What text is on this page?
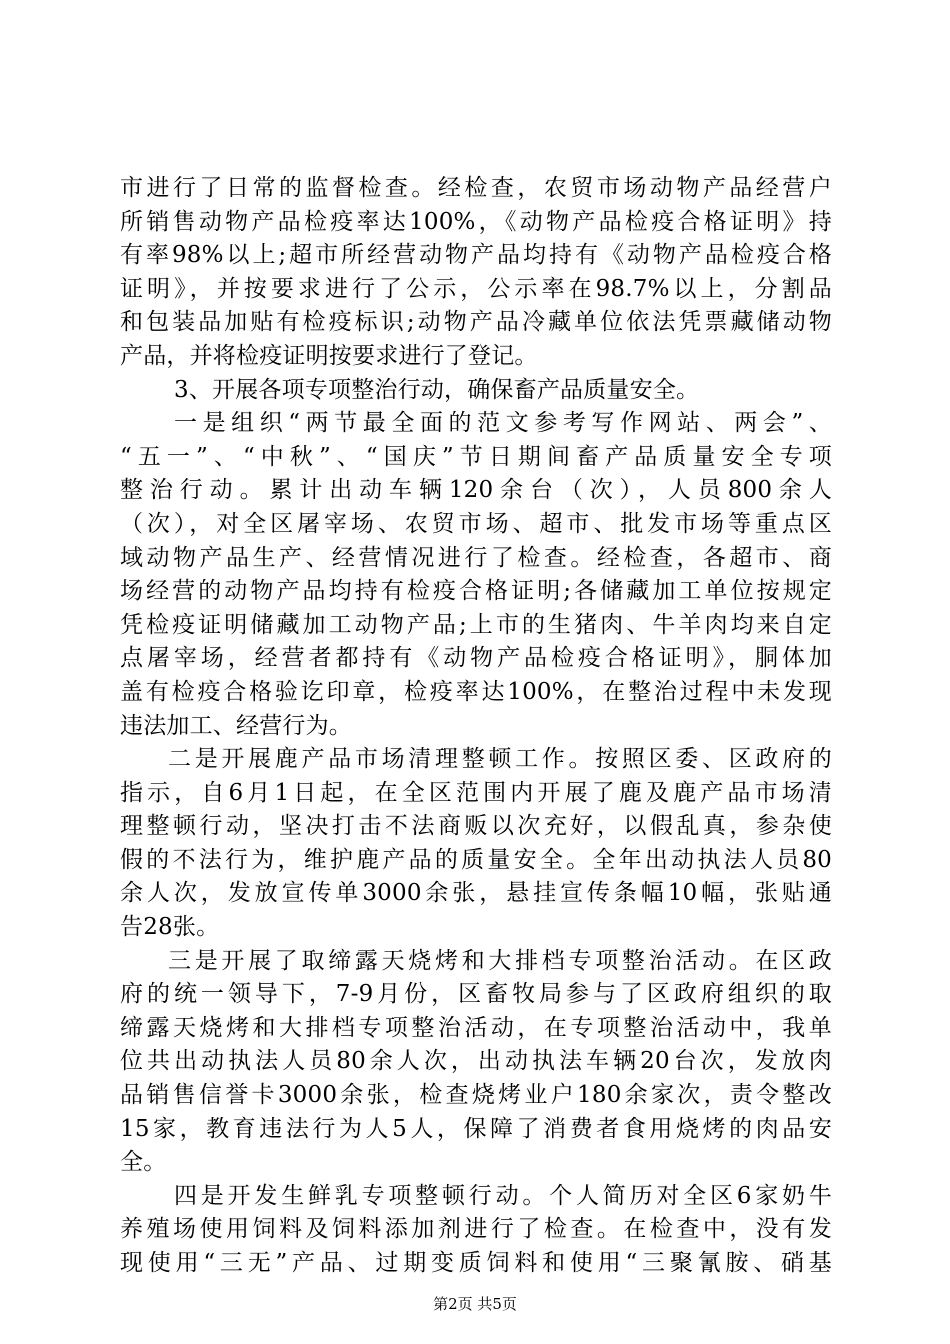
市进行了日常的监督检查。经检查，农贸市场动物产品经营户
所销售动物产品检疫率达100%，《动物产品检疫合格证明》持
有率98%以上;超市所经营动物产品均持有《动物产品检疫合格
证明》，并按要求进行了公示，公示率在98.7%以上，分割品
和包装品加贴有检疫标识;动物产品冷藏单位依法凭票藏储动物
产品，并将检疫证明按要求进行了登记。
3、开展各项专项整治行动，确保畜产品质量安全。
一是组织“两节最全面的范文参考写作网站、两会”、
“五一”、“中秋”、“国庆”节日期间畜产品质量安全专项
整治行动。累计出动车辆120余台（次），人员800余人
（次），对全区屠宰场、农贸市场、超市、批发市场等重点区
域动物产品生产、经营情况进行了检查。经检查，各超市、商
场经营的动物产品均持有检疫合格证明;各储藏加工单位按规定
凭检疫证明储藏加工动物产品;上市的生猪肉、牛羊肉均来自定
点屠宰场，经营者都持有《动物产品检疫合格证明》，胴体加
盖有检疫合格验讫印章，检疫率达100%，在整治过程中未发现
违法加工、经营行为。
二是开展鹿产品市场清理整顿工作。按照区委、区政府的
指示，自6月1日起，在全区范围内开展了鹿及鹿产品市场清
理整顿行动，坚决打击不法商贩以次充好，以假乱真，参杂使
假的不法行为，维护鹿产品的质量安全。全年出动执法人员80
余人次，发放宣传单3000余张，悬挂宣传条幅10幅，张贴通
告28张。
三是开展了取缔露天烧烤和大排档专项整治活动。在区政
府的统一领导下，7-9月份，区畜牧局参与了区政府组织的取
缔露天烧烤和大排档专项整治活动，在专项整治活动中，我单
位共出动执法人员80余人次，出动执法车辆20台次，发放肉
品销售信誉卡3000余张，检查烧烤业户180余家次，责令整改
15家，教育违法行为人5人，保障了消费者食用烧烤的肉品安
全。
四是开发生鲜乳专项整顿行动。个人简历对全区6家奶牛
养殖场使用饲料及饲料添加剂进行了检查。在检查中，没有发
现使用“三无”产品、过期变质饲料和使用“三聚氰胺、硝基
第2页 共5页
